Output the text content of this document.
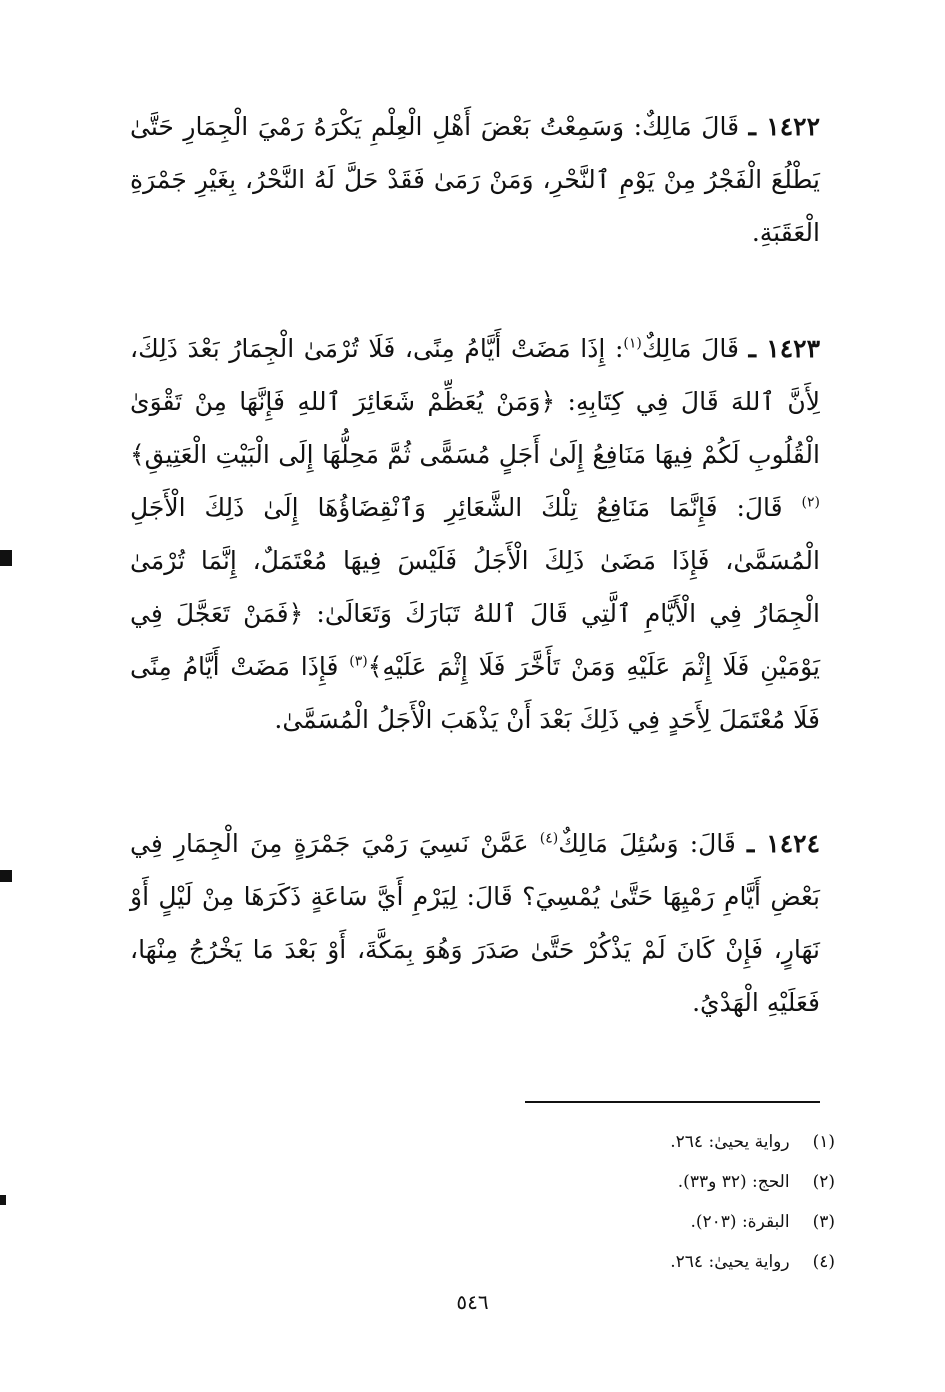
١٤٢٢ ـ قَالَ مَالِكٌ: وَسَمِعْتُ بَعْضَ أَهْلِ الْعِلْمِ يَكْرَهُ رَمْيَ الْجِمَارِ حَتَّىٰ يَطْلُعَ الْفَجْرُ مِنْ يَوْمِ ٱلنَّحْرِ، وَمَنْ رَمَىٰ فَقَدْ حَلَّ لَهُ النَّحْرُ، بِغَيْرِ جَمْرَةِ الْعَقَبَةِ.

١٤٢٣ ـ قَالَ مَالِكٌ$^{(١)}$: إِذَا مَضَتْ أَيَّامُ مِنًى، فَلَا تُرْمَىٰ الْجِمَارُ بَعْدَ ذَلِكَ، لِأَنَّ ٱللهَ قَالَ فِي كِتَابِهِ: ﴿وَمَنْ يُعَظِّمْ شَعَائِرَ ٱللهِ فَإِنَّهَا مِنْ تَقْوَىٰ الْقُلُوبِ لَكُمْ فِيهَا مَنَافِعُ إِلَىٰ أَجَلٍ مُسَمًّى ثُمَّ مَحِلُّهَا إِلَى الْبَيْتِ الْعَتِيقِ﴾$^{(٢)}$ قَالَ: فَإِنَّمَا مَنَافِعُ تِلْكَ الشَّعَائِرِ وَٱنْقِضَاؤُهَا إِلَىٰ ذَلِكَ الْأَجَلِ الْمُسَمَّىٰ، فَإِذَا مَضَىٰ ذَلِكَ الْأَجَلُ فَلَيْسَ فِيهَا مُعْتَمَلٌ، إِنَّمَا تُرْمَىٰ الْجِمَارُ فِي الْأَيَّامِ ٱلَّتِي قَالَ ٱللهُ تَبَارَكَ وَتَعَالَىٰ: ﴿فَمَنْ تَعَجَّلَ فِي يَوْمَيْنِ فَلَا إِثْمَ عَلَيْهِ وَمَنْ تَأَخَّرَ فَلَا إِثْمَ عَلَيْهِ﴾$^{(٣)}$ فَإِذَا مَضَتْ أَيَّامُ مِنًى فَلَا مُعْتَمَلَ لِأَحَدٍ فِي ذَلِكَ بَعْدَ أَنْ يَذْهَبَ الْأَجَلُ الْمُسَمَّىٰ.

١٤٢٤ ـ قَالَ: وَسُئِلَ مَالِكٌ$^{(٤)}$ عَمَّنْ نَسِيَ رَمْيَ جَمْرَةٍ مِنَ الْجِمَارِ فِي بَعْضِ أَيَّامِ رَمْيِهَا حَتَّىٰ يُمْسِيَ؟ قَالَ: لِيَرْمِ أَيَّ سَاعَةٍ ذَكَرَهَا مِنْ لَيْلٍ أَوْ نَهَارٍ، فَإِنْ كَانَ لَمْ يَذْكُرْ حَتَّىٰ صَدَرَ وَهُوَ بِمَكَّةَ، أَوْ بَعْدَ مَا يَخْرُجُ مِنْهَا، فَعَلَيْهِ الْهَدْيُ.

(١) رواية يحيىٰ: ٢٦٤.
(٢) الحج: (٣٢ و٣٣).
(٣) البقرة: (٢٠٣).
(٤) رواية يحيىٰ: ٢٦٤.
٥٤٦
